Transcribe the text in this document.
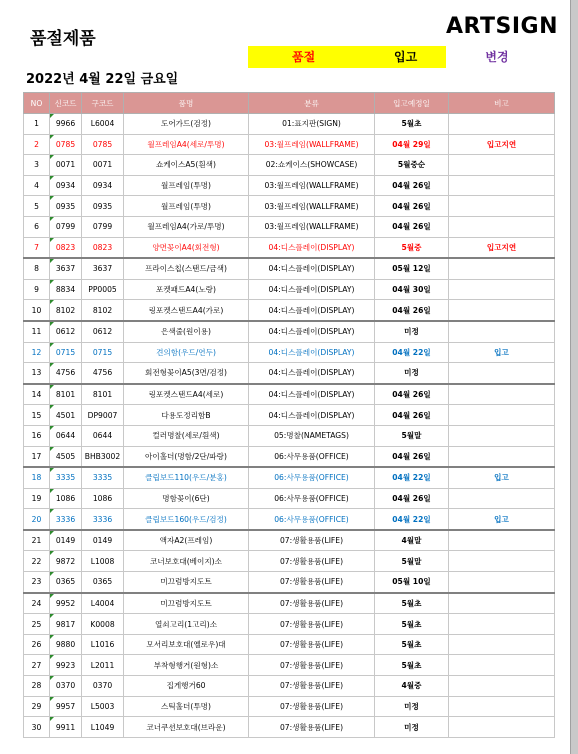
품절제품	ARTSIGN
품절	입고	변경
2022년 4월 22일 금요일
NO	신코드	구코드	품명	분류	입고예정일	비고
1	9966	L6004	도어가드(검정)	01:표지판(SIGN)	5월초	
2	0785	0785	월프레임A4(세로/투명)	03:월프레임(WALLFRAME)	04월 29일	입고지연
3	0071	0071	쇼케이스A5(흰색)	02:쇼케이스(SHOWCASE)	5월중순	
4	0934	0934	월프레임(투명)	03:월프레임(WALLFRAME)	04월 26일	
5	0935	0935	월프레임(투명)	03:월프레임(WALLFRAME)	04월 26일	
6	0799	0799	월프레임A4(가로/투명)	03:월프레임(WALLFRAME)	04월 26일	
7	0823	0823	양면꽂이A4(회전형)	04:디스플레이(DISPLAY)	5월중	입고지연
8	3637	3637	프라이스칩(스탠드/금색)	04:디스플레이(DISPLAY)	05월 12일	
9	8834	PP0005	포켓패드A4(노랑)	04:디스플레이(DISPLAY)	04월 30일	
10	8102	8102	링포켓스탠드A4(가로)	04:디스플레이(DISPLAY)	04월 26일	
11	0612	0612	은색줄(원이용)	04:디스플레이(DISPLAY)	미정	
12	0715	0715	견의함(우드/연두)	04:디스플레이(DISPLAY)	04월 22일	입고
13	4756	4756	회전형꽂이A5(3면/검정)	04:디스플레이(DISPLAY)	미정	
14	8101	8101	링포켓스탠드A4(세로)	04:디스플레이(DISPLAY)	04월 26일	
15	4501	DP9007	다용도정리함B	04:디스플레이(DISPLAY)	04월 26일	
16	0644	0644	컬러명찰(세로/흰색)	05:명찰(NAMETAGS)	5월말	
17	4505	BHB3002	아이홀더(명함/2단/파랑)	06:사무용품(OFFICE)	04월 26일	
18	3335	3335	클립보드110(우드/분홍)	06:사무용품(OFFICE)	04월 22일	입고
19	1086	1086	명함꽂이(6단)	06:사무용품(OFFICE)	04월 26일	
20	3336	3336	클립보드160(우드/검정)	06:사무용품(OFFICE)	04월 22일	입고
21	0149	0149	액자A2(프레임)	07:생활용품(LIFE)	4월말	
22	9872	L1008	코너보호대(베이지)소	07:생활용품(LIFE)	5월말	
23	0365	0365	미끄럼방지도트	07:생활용품(LIFE)	05월 10일	
24	9952	L4004	미끄럼방지도트	07:생활용품(LIFE)	5월초	
25	9817	K0008	열쇠고리(1고리)소	07:생활용품(LIFE)	5월초	
26	9880	L1016	모서리보호대(옐로우)대	07:생활용품(LIFE)	5월초	
27	9923	L2011	부착형행거(원형)소	07:생활용품(LIFE)	5월초	
28	0370	0370	집게행거60	07:생활용품(LIFE)	4월중	
29	9957	L5003	스틱홀더(투명)	07:생활용품(LIFE)	미정	
30	9911	L1049	코너쿠션보호대(브라운)	07:생활용품(LIFE)	미정	
